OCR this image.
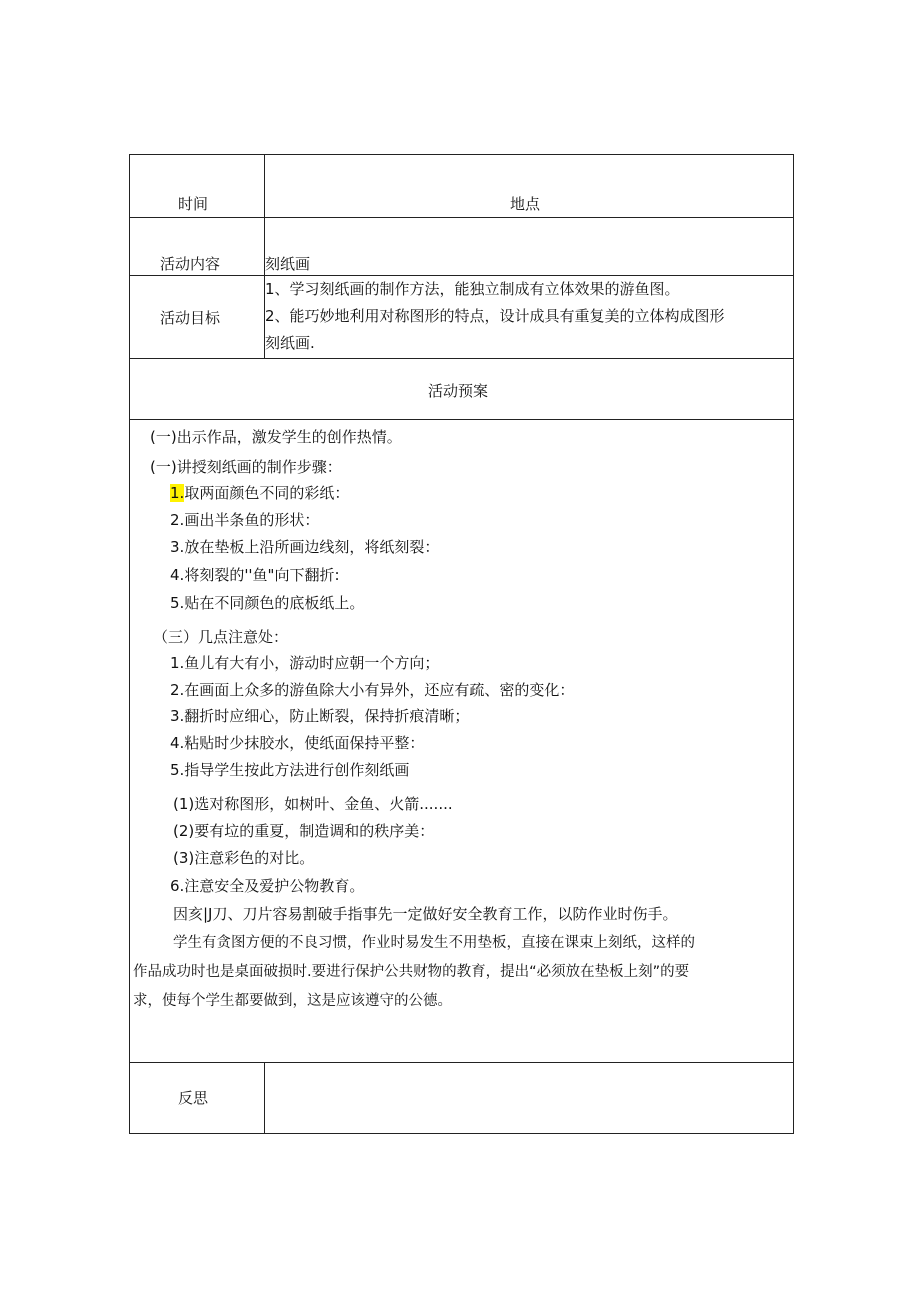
时间	地点
活动内容	刻纸画
活动目标
1、学习刻纸画的制作方法，能独立制成有立体效果的游鱼图。
2、能巧妙地利用对称图形的特点，设计成具有重复美的立体构成图形
刻纸画.
活动预案
(一)出示作品，激发学生的创作热情。
(一)讲授刻纸画的制作步骤：
1.取两面颜色不同的彩纸：
2.画出半条鱼的形状：
3.放在垫板上沿所画边线刻，将纸刻裂：
4.将刻裂的''鱼"向下翻折:
5.贴在不同颜色的底板纸上。
（三）几点注意处：
1.鱼儿有大有小，游动时应朝一个方向；
2.在画面上众多的游鱼除大小有异外，还应有疏、密的变化：
3.翻折时应细心，防止断裂，保持折痕清晰；
4.粘贴时少抹胶水，使纸面保持平整：
5.指导学生按此方法进行创作刻纸画
(1)选对称图形，如树叶、金鱼、火箭.......
(2)要有垃的重夏，制造调和的秩序美：
(3)注意彩色的对比。
6.注意安全及爱护公物教育。
因亥|J刀、刀片容易割破手指事先一定做好安全教育工作，以防作业时伤手。
学生有贪图方便的不良习惯，作业时易发生不用垫板，直接在课束上刻纸，这样的
作品成功时也是桌面破损时.要进行保护公共财物的教育，提出“必须放在垫板上刻”的要
求，使每个学生都要做到，这是应该遵守的公德。
反思
